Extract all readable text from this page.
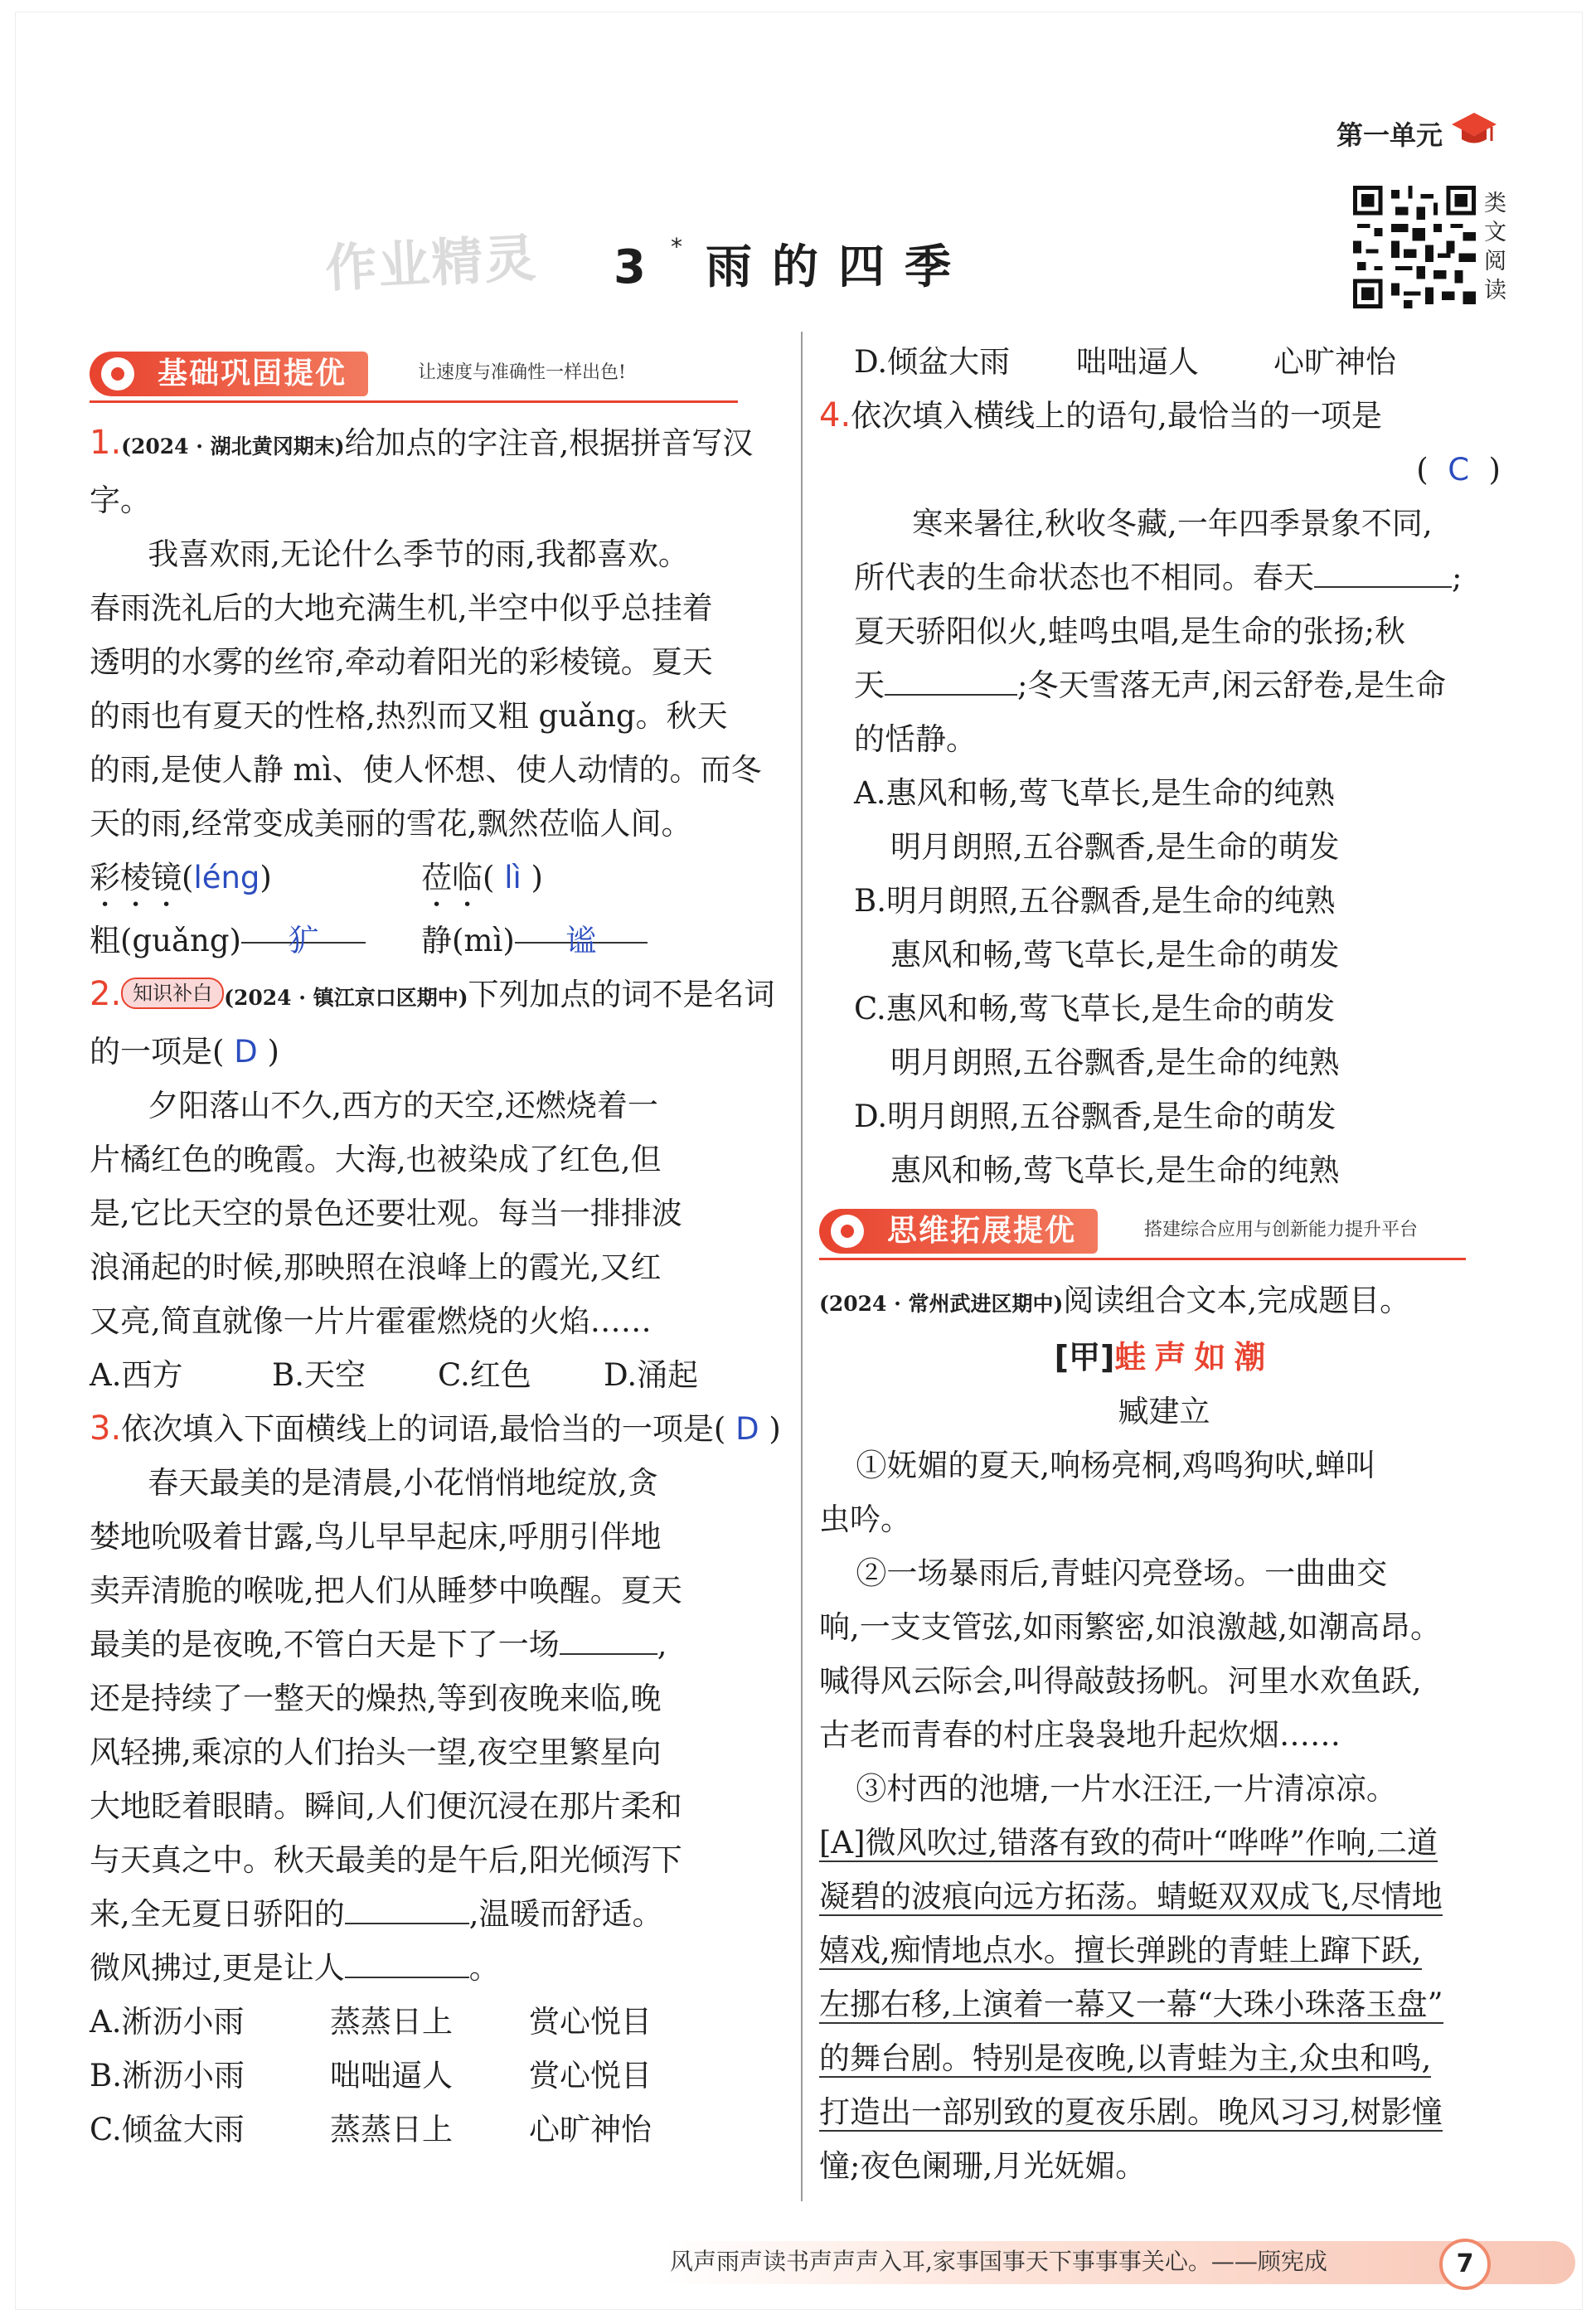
第一单元
类文阅读
作业精灵 3 * 雨的四季
基础巩固提优	让速度与准确性一样出色!

1.(2024 · 湖北黄冈期末)给加点的字注音,根据拼音写汉字。

我喜欢雨,无论什么季节的雨,我都喜欢。

春雨洗礼后的大地充满生机,半空中似乎总挂着

透明的水雾的丝帘,牵动着阳光的彩棱镜。夏天

的雨也有夏天的性格,热烈而又粗 guǎng。秋天

的雨,是使人静 mì、使人怀想、使人动情的。而冬

天的雨,经常变成美丽的雪花,飘然莅临人间。

彩棱镜(léng)	莅临( lì )

粗(guǎng) 犷	静(mì) 谧

2. 知识补白 (2024 · 镇江京口区期中)下列加点的词不是名词的一项是( D )

夕阳落山不久,西方的天空,还燃烧着一

片橘红色的晚霞。大海,也被染成了红色,但

是,它比天空的景色还要壮观。每当一排排波

浪涌起的时候,那映照在浪峰上的霞光,又红

又亮,简直就像一片片霍霍燃烧的火焰……

A.西方	B.天空 C.红色 D.涌起

3.依次填入下面横线上的词语,最恰当的一项是( D )

春天最美的是清晨,小花悄悄地绽放,贪

婪地吮吸着甘露,鸟儿早早起床,呼朋引伴地

卖弄清脆的喉咙,把人们从睡梦中唤醒。夏天

最美的是夜晚,不管白天是下了一场	,

还是持续了一整天的燥热,等到夜晚来临,晚

风轻拂,乘凉的人们抬头一望,夜空里繁星向

大地眨着眼睛。瞬间,人们便沉浸在那片柔和

与天真之中。秋天最美的是午后,阳光倾泻下

来,全无夏日骄阳的	,温暖而舒适。

微风拂过,更是让人	。

A.淅沥小雨	蒸蒸日上 赏心悦目

B.淅沥小雨	咄咄逼人 赏心悦目

C.倾盆大雨	蒸蒸日上 心旷神怡

D.倾盆大雨 咄咄逼人 心旷神怡

4.依次填入横线上的语句,最恰当的一项是

(  C  )

寒来暑往,秋收冬藏,一年四季景象不同,

所代表的生命状态也不相同。春天	;

夏天骄阳似火,蛙鸣虫唱,是生命的张扬;秋

天	;冬天雪落无声,闲云舒卷,是生命

的恬静。

A.惠风和畅,莺飞草长,是生命的纯熟

明月朗照,五谷飘香,是生命的萌发

B.明月朗照,五谷飘香,是生命的纯熟

惠风和畅,莺飞草长,是生命的萌发

C.惠风和畅,莺飞草长,是生命的萌发

明月朗照,五谷飘香,是生命的纯熟

D.明月朗照,五谷飘香,是生命的萌发

惠风和畅,莺飞草长,是生命的纯熟

思维拓展提优	搭建综合应用与创新能力提升平台

(2024 · 常州武进区期中)阅读组合文本,完成题目。

[甲]蛙声如潮

臧建立

①妩媚的夏天,响杨亮桐,鸡鸣狗吠,蝉叫

虫吟。

②一场暴雨后,青蛙闪亮登场。一曲曲交

响,一支支管弦,如雨繁密,如浪激越,如潮高昂。

喊得风云际会,叫得敲鼓扬帆。河里水欢鱼跃,

古老而青春的村庄袅袅地升起炊烟……

③村西的池塘,一片水汪汪,一片清凉凉。

[A]微风吹过,错落有致的荷叶“哗哗”作响,二道

凝碧的波痕向远方拓荡。蜻蜓双双成飞,尽情地

嬉戏,痴情地点水。擅长弹跳的青蛙上蹿下跃,

左挪右移,上演着一幕又一幕“大珠小珠落玉盘”

的舞台剧。特别是夜晚,以青蛙为主,众虫和鸣,

打造出一部别致的夏夜乐剧。晚风习习,树影憧

憧;夜色阑珊,月光妩媚。

风声雨声读书声声声入耳,家事国事天下事事事关心。——顾宪成	7
